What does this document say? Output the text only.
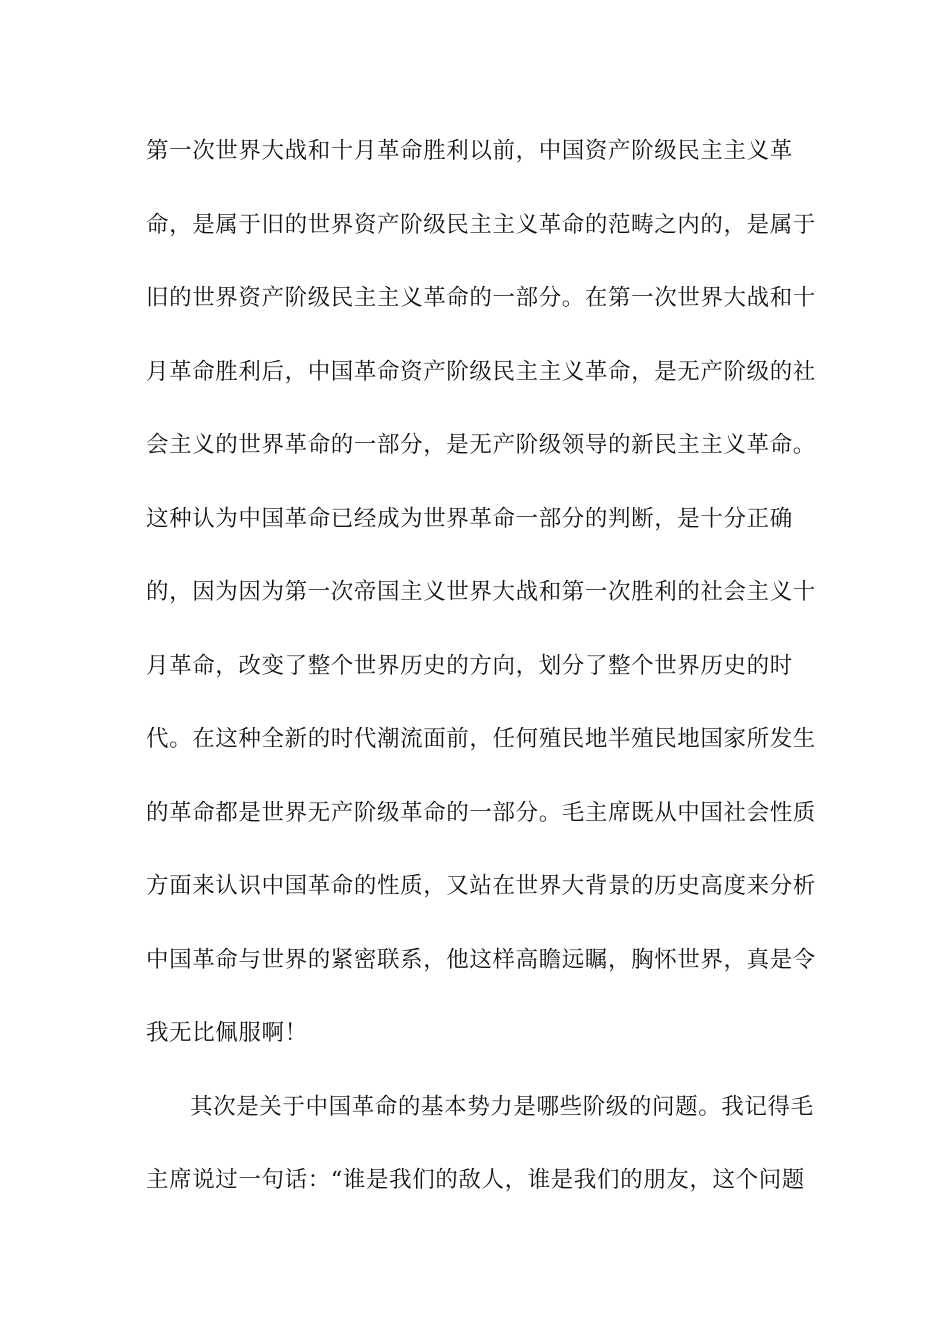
第一次世界大战和十月革命胜利以前，中国资产阶级民主主义革
命，是属于旧的世界资产阶级民主主义革命的范畴之内的，是属于
旧的世界资产阶级民主主义革命的一部分。在第一次世界大战和十
月革命胜利后，中国革命资产阶级民主主义革命，是无产阶级的社
会主义的世界革命的一部分，是无产阶级领导的新民主主义革命。
这种认为中国革命已经成为世界革命一部分的判断，是十分正确
的，因为因为第一次帝国主义世界大战和第一次胜利的社会主义十
月革命，改变了整个世界历史的方向，划分了整个世界历史的时
代。在这种全新的时代潮流面前，任何殖民地半殖民地国家所发生
的革命都是世界无产阶级革命的一部分。毛主席既从中国社会性质
方面来认识中国革命的性质，又站在世界大背景的历史高度来分析
中国革命与世界的紧密联系，他这样高瞻远瞩，胸怀世界，真是令
我无比佩服啊！
其次是关于中国革命的基本势力是哪些阶级的问题。我记得毛
主席说过一句话：“谁是我们的敌人，谁是我们的朋友，这个问题
